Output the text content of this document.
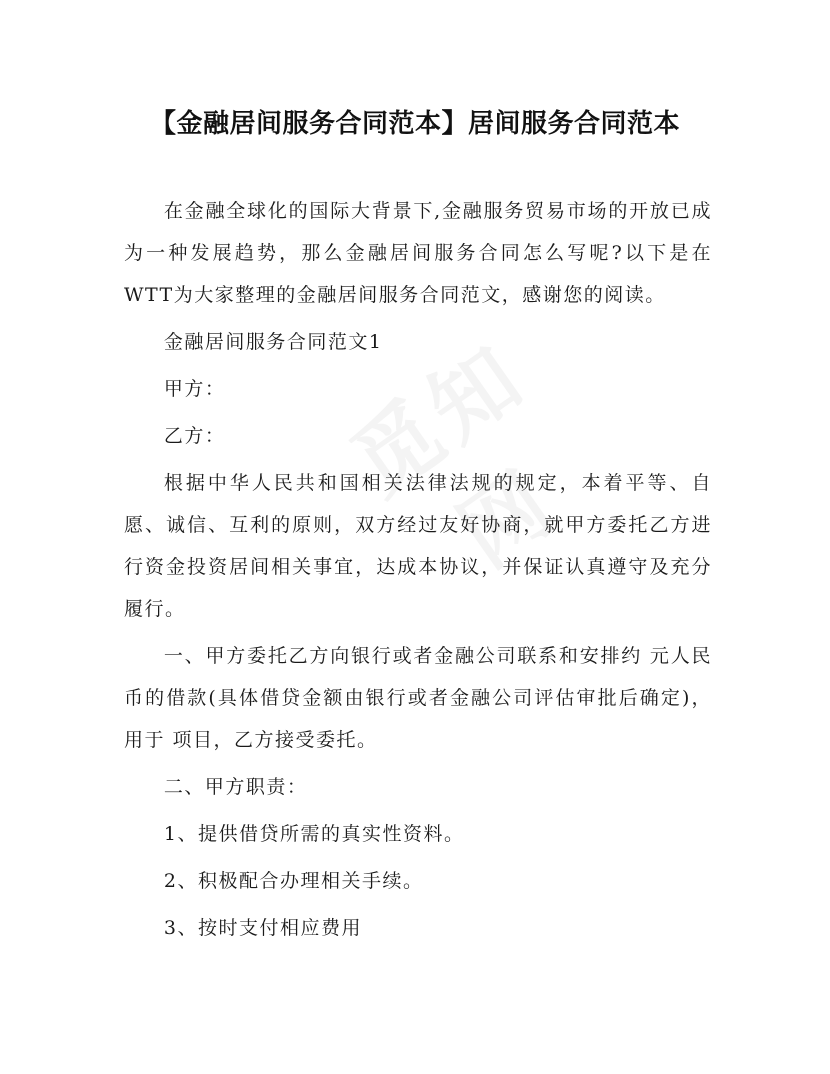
【金融居间服务合同范本】居间服务合同范本

在金融全球化的国际大背景下,金融服务贸易市场的开放已成为一种发展趋势，那么金融居间服务合同怎么写呢?以下是在WTT为大家整理的金融居间服务合同范文，感谢您的阅读。

金融居间服务合同范文1

甲方：

乙方：

根据中华人民共和国相关法律法规的规定，本着平等、自愿、诚信、互利的原则，双方经过友好协商，就甲方委托乙方进行资金投资居间相关事宜，达成本协议，并保证认真遵守及充分履行。

一、甲方委托乙方向银行或者金融公司联系和安排约 元人民币的借款(具体借贷金额由银行或者金融公司评估审批后确定)，用于 项目，乙方接受委托。

二、甲方职责：

1、提供借贷所需的真实性资料。

2、积极配合办理相关手续。

3、按时支付相应费用
